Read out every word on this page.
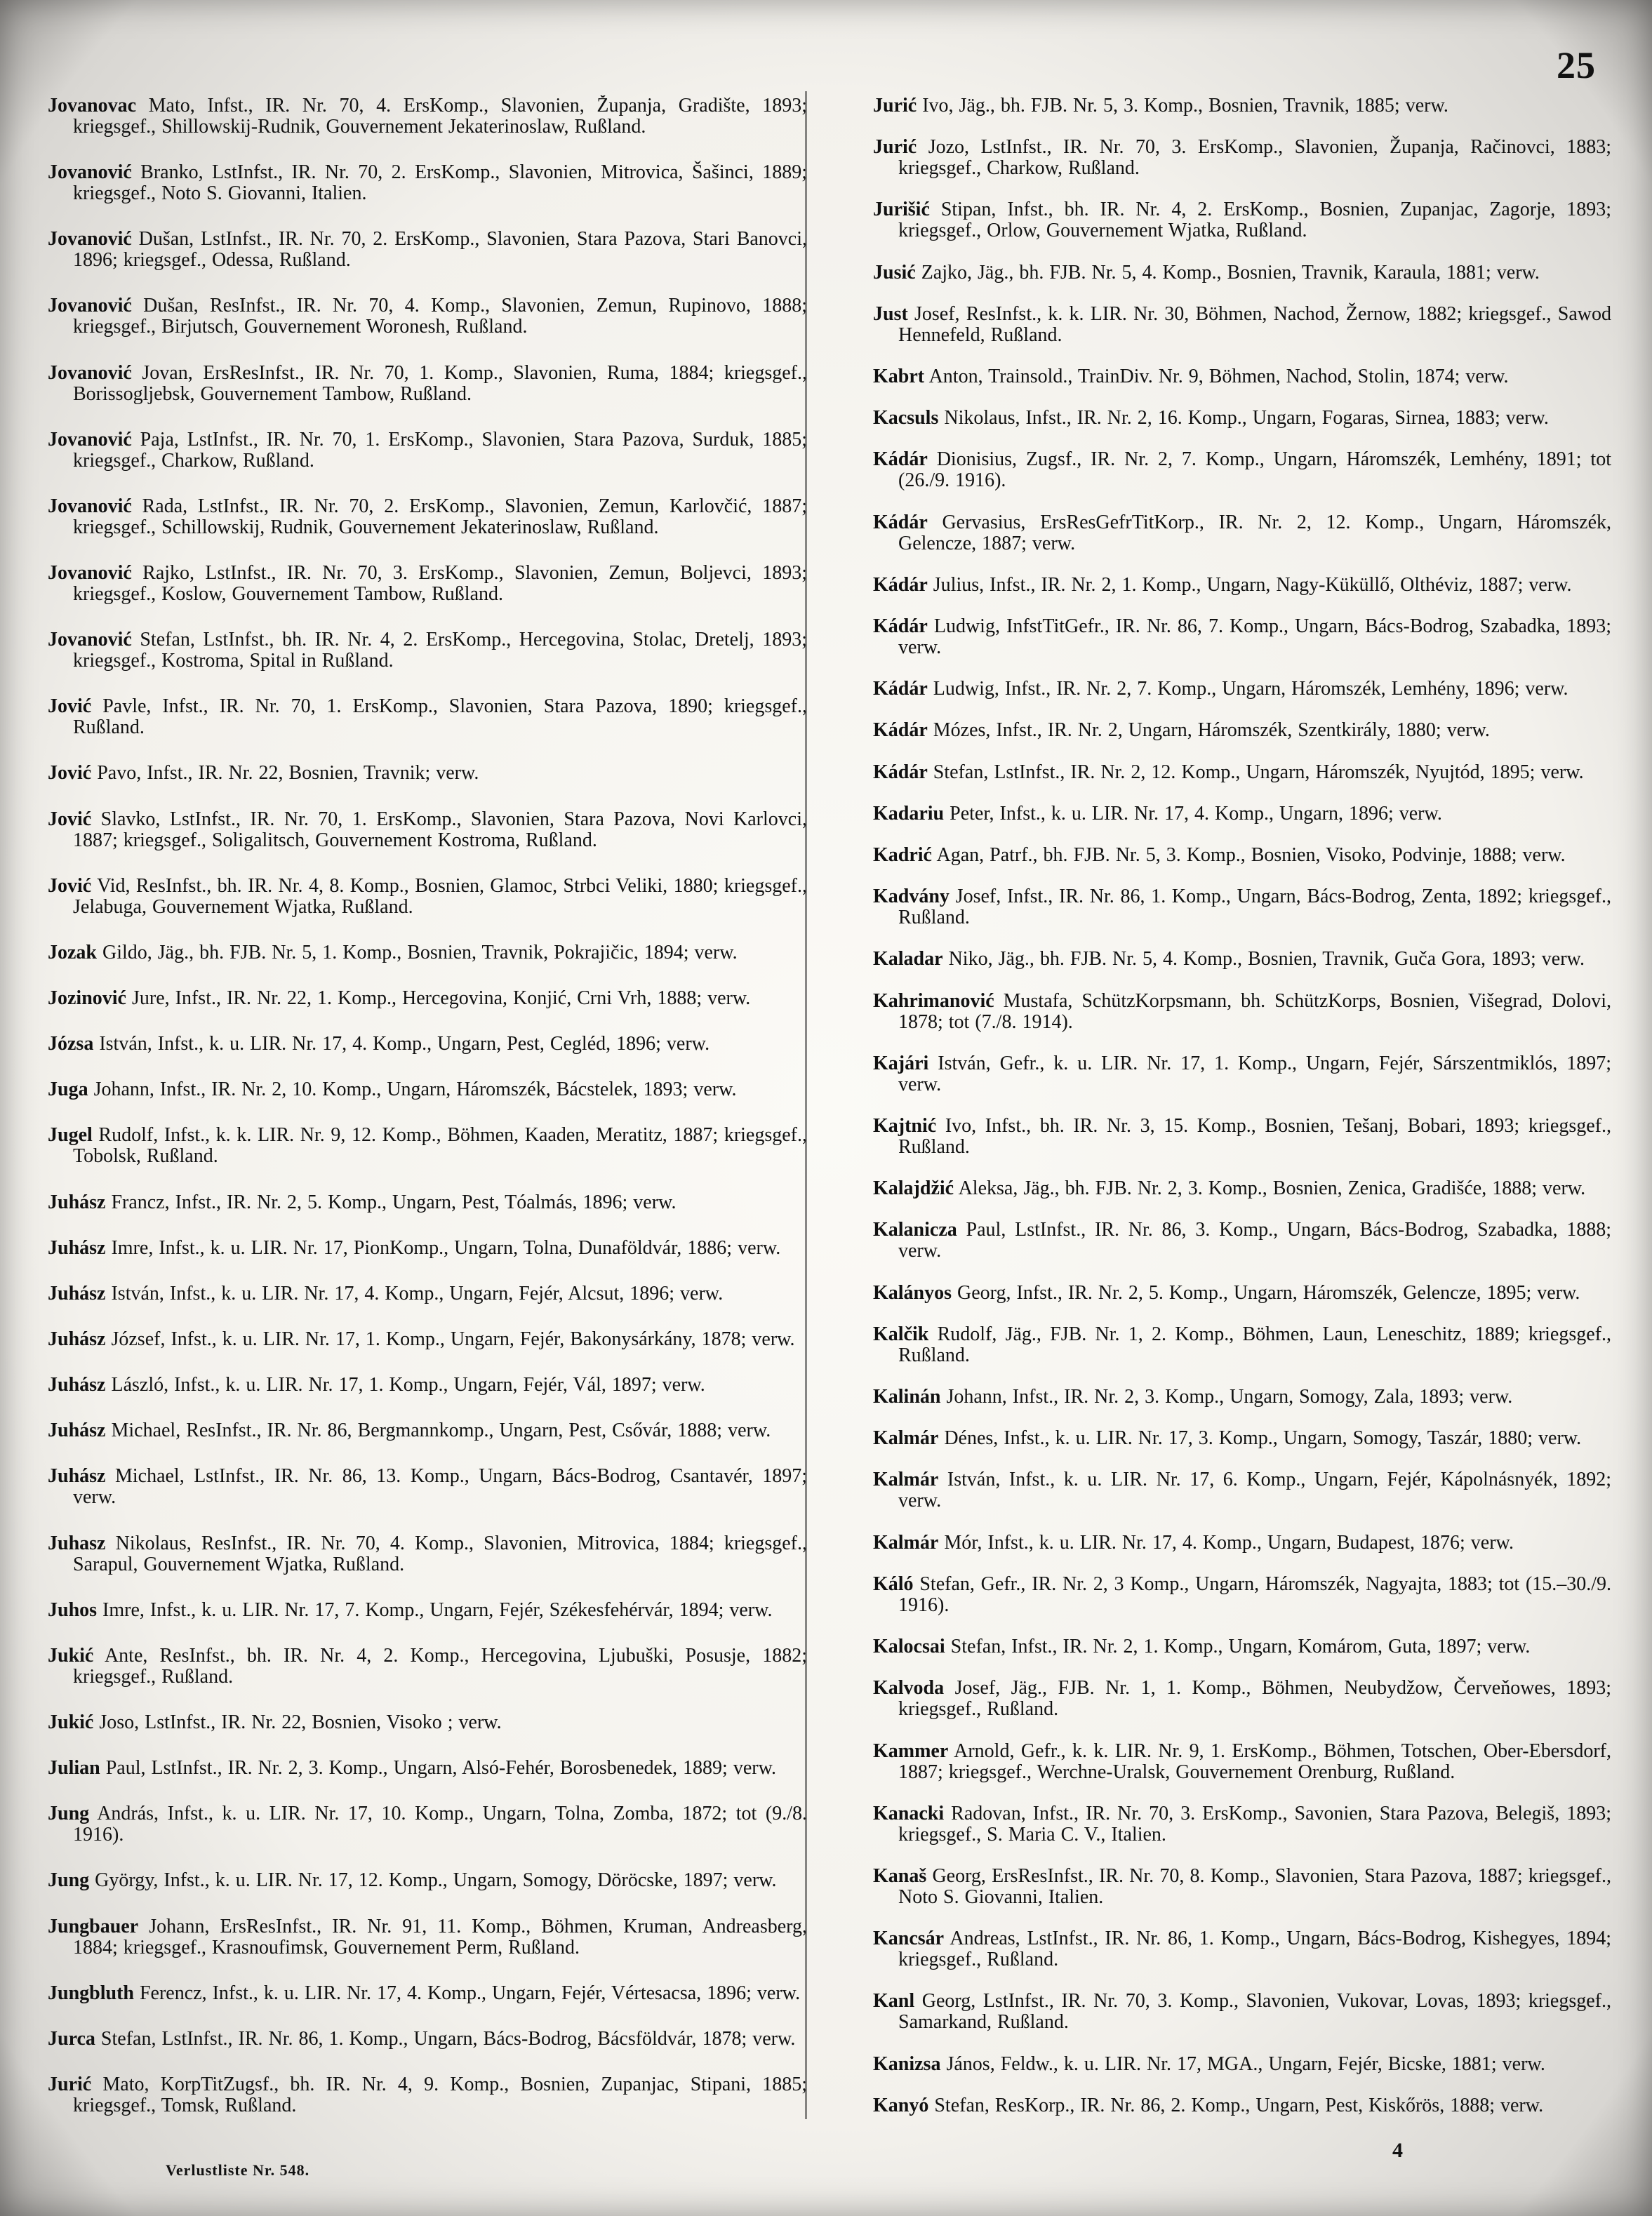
25
Jovanovac Mato, Infst., IR. Nr. 70, 4. ErsKomp., Slavonien, Županja, Gradište, 1893; kriegsgef., Shillowskij-Rudnik, Gouvernement Jekaterinoslaw, Rußland.
Jovanović Branko, LstInfst., IR. Nr. 70, 2. ErsKomp., Slavonien, Mitrovica, Šašinci, 1889; kriegsgef., Noto S. Giovanni, Italien.
Jovanović Dušan, LstInfst., IR. Nr. 70, 2. ErsKomp., Slavonien, Stara Pazova, Stari Banovci, 1896; kriegsgef., Odessa, Rußland.
Jovanović Dušan, ResInfst., IR. Nr. 70, 4. Komp., Slavonien, Zemun, Rupinovo, 1888; kriegsgef., Birjutsch, Gouvernement Woronesh, Rußland.
Jovanović Jovan, ErsResInfst., IR. Nr. 70, 1. Komp., Slavonien, Ruma, 1884; kriegsgef., Borissogljebsk, Gouvernement Tambow, Rußland.
Jovanović Paja, LstInfst., IR. Nr. 70, 1. ErsKomp., Slavonien, Stara Pazova, Surduk, 1885; kriegsgef., Charkow, Rußland.
Jovanović Rada, LstInfst., IR. Nr. 70, 2. ErsKomp., Slavonien, Zemun, Karlovčić, 1887; kriegsgef., Schillowskij, Rudnik, Gouvernement Jekaterinoslaw, Rußland.
Jovanović Rajko, LstInfst., IR. Nr. 70, 3. ErsKomp., Slavonien, Zemun, Boljevci, 1893; kriegsgef., Koslow, Gouvernement Tambow, Rußland.
Jovanović Stefan, LstInfst., bh. IR. Nr. 4, 2. ErsKomp., Hercegovina, Stolac, Dretelj, 1893; kriegsgef., Kostroma, Spital in Rußland.
Jović Pavle, Infst., IR. Nr. 70, 1. ErsKomp., Slavonien, Stara Pazova, 1890; kriegsgef., Rußland.
Jović Pavo, Infst., IR. Nr. 22, Bosnien, Travnik; verw.
Jović Slavko, LstInfst., IR. Nr. 70, 1. ErsKomp., Slavonien, Stara Pazova, Novi Karlovci, 1887; kriegsgef., Soligalitsch, Gouvernement Kostroma, Rußland.
Jović Vid, ResInfst., bh. IR. Nr. 4, 8. Komp., Bosnien, Glamoc, Strbci Veliki, 1880; kriegsgef., Jelabuga, Gouvernement Wjatka, Rußland.
Jozak Gildo, Jäg., bh. FJB. Nr. 5, 1. Komp., Bosnien, Travnik, Pokrajičic, 1894; verw.
Jozinović Jure, Infst., IR. Nr. 22, 1. Komp., Hercegovina, Konjić, Crni Vrh, 1888; verw.
Józsa István, Infst., k. u. LIR. Nr. 17, 4. Komp., Ungarn, Pest, Cegléd, 1896; verw.
Juga Johann, Infst., IR. Nr. 2, 10. Komp., Ungarn, Háromszék, Bácstelek, 1893; verw.
Jugel Rudolf, Infst., k. k. LIR. Nr. 9, 12. Komp., Böhmen, Kaaden, Meratitz, 1887; kriegsgef., Tobolsk, Rußland.
Juhász Francz, Infst., IR. Nr. 2, 5. Komp., Ungarn, Pest, Tóalmás, 1896; verw.
Juhász Imre, Infst., k. u. LIR. Nr. 17, PionKomp., Ungarn, Tolna, Dunaföldvár, 1886; verw.
Juhász István, Infst., k. u. LIR. Nr. 17, 4. Komp., Ungarn, Fejér, Alcsut, 1896; verw.
Juhász József, Infst., k. u. LIR. Nr. 17, 1. Komp., Ungarn, Fejér, Bakonysárkány, 1878; verw.
Juhász László, Infst., k. u. LIR. Nr. 17, 1. Komp., Ungarn, Fejér, Vál, 1897; verw.
Juhász Michael, ResInfst., IR. Nr. 86, Bergmannkomp., Ungarn, Pest, Csővár, 1888; verw.
Juhász Michael, LstInfst., IR. Nr. 86, 13. Komp., Ungarn, Bács-Bodrog, Csantavér, 1897; verw.
Juhasz Nikolaus, ResInfst., IR. Nr. 70, 4. Komp., Slavonien, Mitrovica, 1884; kriegsgef., Sarapul, Gouvernement Wjatka, Rußland.
Juhos Imre, Infst., k. u. LIR. Nr. 17, 7. Komp., Ungarn, Fejér, Székesfehérvár, 1894; verw.
Jukić Ante, ResInfst., bh. IR. Nr. 4, 2. Komp., Hercegovina, Ljubuški, Posusje, 1882; kriegsgef., Rußland.
Jukić Joso, LstInfst., IR. Nr. 22, Bosnien, Visoko ; verw.
Julian Paul, LstInfst., IR. Nr. 2, 3. Komp., Ungarn, Alsó-Fehér, Borosbenedek, 1889; verw.
Jung András, Infst., k. u. LIR. Nr. 17, 10. Komp., Ungarn, Tolna, Zomba, 1872; tot (9./8. 1916).
Jung György, Infst., k. u. LIR. Nr. 17, 12. Komp., Ungarn, Somogy, Döröcske, 1897; verw.
Jungbauer Johann, ErsResInfst., IR. Nr. 91, 11. Komp., Böhmen, Kruman, Andreasberg, 1884; kriegsgef., Krasnoufimsk, Gouvernement Perm, Rußland.
Jungbluth Ferencz, Infst., k. u. LIR. Nr. 17, 4. Komp., Ungarn, Fejér, Vértesacsa, 1896; verw.
Jurca Stefan, LstInfst., IR. Nr. 86, 1. Komp., Ungarn, Bács-Bodrog, Bácsföldvár, 1878; verw.
Jurić Mato, KorpTitZugsf., bh. IR. Nr. 4, 9. Komp., Bosnien, Zupanjac, Stipani, 1885; kriegsgef., Tomsk, Rußland.
Jurić Ivo, Jäg., bh. FJB. Nr. 5, 3. Komp., Bosnien, Travnik, 1885; verw.
Jurić Jozo, LstInfst., IR. Nr. 70, 3. ErsKomp., Slavonien, Županja, Račinovci, 1883; kriegsgef., Charkow, Rußland.
Jurišić Stipan, Infst., bh. IR. Nr. 4, 2. ErsKomp., Bosnien, Zupanjac, Zagorje, 1893; kriegsgef., Orlow, Gouvernement Wjatka, Rußland.
Jusić Zajko, Jäg., bh. FJB. Nr. 5, 4. Komp., Bosnien, Travnik, Karaula, 1881; verw.
Just Josef, ResInfst., k. k. LIR. Nr. 30, Böhmen, Nachod, Žernow, 1882; kriegsgef., Sawod Hennefeld, Rußland.
Kabrt Anton, Trainsold., TrainDiv. Nr. 9, Böhmen, Nachod, Stolin, 1874; verw.
Kacsuls Nikolaus, Infst., IR. Nr. 2, 16. Komp., Ungarn, Fogaras, Sirnea, 1883; verw.
Kádár Dionisius, Zugsf., IR. Nr. 2, 7. Komp., Ungarn, Háromszék, Lemhény, 1891; tot (26./9. 1916).
Kádár Gervasius, ErsResGefrTitKorp., IR. Nr. 2, 12. Komp., Ungarn, Háromszék, Gelencze, 1887; verw.
Kádár Julius, Infst., IR. Nr. 2, 1. Komp., Ungarn, Nagy-Küküllő, Olthéviz, 1887; verw.
Kádár Ludwig, InfstTitGefr., IR. Nr. 86, 7. Komp., Ungarn, Bács-Bodrog, Szabadka, 1893; verw.
Kádár Ludwig, Infst., IR. Nr. 2, 7. Komp., Ungarn, Háromszék, Lemhény, 1896; verw.
Kádár Mózes, Infst., IR. Nr. 2, Ungarn, Háromszék, Szentkirály, 1880; verw.
Kádár Stefan, LstInfst., IR. Nr. 2, 12. Komp., Ungarn, Háromszék, Nyujtód, 1895; verw.
Kadariu Peter, Infst., k. u. LIR. Nr. 17, 4. Komp., Ungarn, 1896; verw.
Kadrić Agan, Patrf., bh. FJB. Nr. 5, 3. Komp., Bosnien, Visoko, Podvinje, 1888; verw.
Kadvány Josef, Infst., IR. Nr. 86, 1. Komp., Ungarn, Bács-Bodrog, Zenta, 1892; kriegsgef., Rußland.
Kaladar Niko, Jäg., bh. FJB. Nr. 5, 4. Komp., Bosnien, Travnik, Guča Gora, 1893; verw.
Kahrimanović Mustafa, SchützKorpsmann, bh. SchützKorps, Bosnien, Višegrad, Dolovi, 1878; tot (7./8. 1914).
Kajári István, Gefr., k. u. LIR. Nr. 17, 1. Komp., Ungarn, Fejér, Sárszentmiklós, 1897; verw.
Kajtnić Ivo, Infst., bh. IR. Nr. 3, 15. Komp., Bosnien, Tešanj, Bobari, 1893; kriegsgef., Rußland.
Kalajdžić Aleksa, Jäg., bh. FJB. Nr. 2, 3. Komp., Bosnien, Zenica, Gradišće, 1888; verw.
Kalanicza Paul, LstInfst., IR. Nr. 86, 3. Komp., Ungarn, Bács-Bodrog, Szabadka, 1888; verw.
Kalányos Georg, Infst., IR. Nr. 2, 5. Komp., Ungarn, Háromszék, Gelencze, 1895; verw.
Kalčik Rudolf, Jäg., FJB. Nr. 1, 2. Komp., Böhmen, Laun, Leneschitz, 1889; kriegsgef., Rußland.
Kalinán Johann, Infst., IR. Nr. 2, 3. Komp., Ungarn, Somogy, Zala, 1893; verw.
Kalmár Dénes, Infst., k. u. LIR. Nr. 17, 3. Komp., Ungarn, Somogy, Taszár, 1880; verw.
Kalmár István, Infst., k. u. LIR. Nr. 17, 6. Komp., Ungarn, Fejér, Kápolnásnyék, 1892; verw.
Kalmár Mór, Infst., k. u. LIR. Nr. 17, 4. Komp., Ungarn, Budapest, 1876; verw.
Káló Stefan, Gefr., IR. Nr. 2, 3 Komp., Ungarn, Háromszék, Nagyajta, 1883; tot (15.–30./9. 1916).
Kalocsai Stefan, Infst., IR. Nr. 2, 1. Komp., Ungarn, Komárom, Guta, 1897; verw.
Kalvoda Josef, Jäg., FJB. Nr. 1, 1. Komp., Böhmen, Neubydžow, Červeňowes, 1893; kriegsgef., Rußland.
Kammer Arnold, Gefr., k. k. LIR. Nr. 9, 1. ErsKomp., Böhmen, Totschen, Ober-Ebersdorf, 1887; kriegsgef., Werchne-Uralsk, Gouvernement Orenburg, Rußland.
Kanacki Radovan, Infst., IR. Nr. 70, 3. ErsKomp., Savonien, Stara Pazova, Belegiš, 1893; kriegsgef., S. Maria C. V., Italien.
Kanaš Georg, ErsResInfst., IR. Nr. 70, 8. Komp., Slavonien, Stara Pazova, 1887; kriegsgef., Noto S. Giovanni, Italien.
Kancsár Andreas, LstInfst., IR. Nr. 86, 1. Komp., Ungarn, Bács-Bodrog, Kishegyes, 1894; kriegsgef., Rußland.
Kanl Georg, LstInfst., IR. Nr. 70, 3. Komp., Slavonien, Vukovar, Lovas, 1893; kriegsgef., Samarkand, Rußland.
Kanizsa János, Feldw., k. u. LIR. Nr. 17, MGA., Ungarn, Fejér, Bicske, 1881; verw.
Kanyó Stefan, ResKorp., IR. Nr. 86, 2. Komp., Ungarn, Pest, Kiskőrös, 1888; verw.
Verlustliste Nr. 548.
4
